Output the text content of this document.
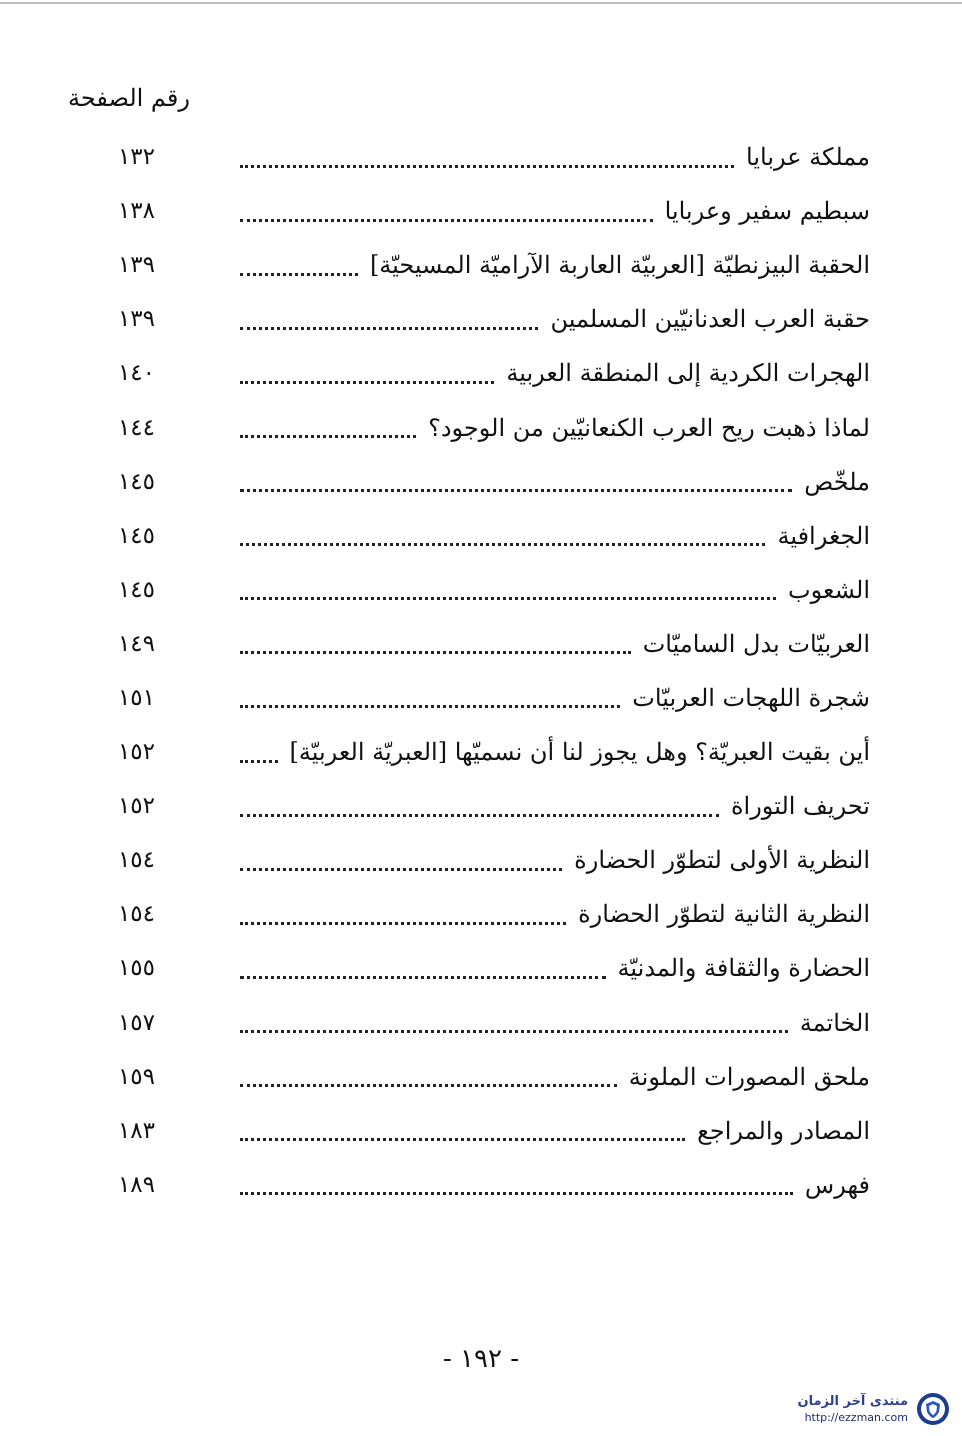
رقم الصفحة
١٣٢	مملكة عربايا
١٣٨	سبطيم سفير وعربايا
١٣٩	الحقبة البيزنطيّة [العربيّة العاربة الآراميّة المسيحيّة]
١٣٩	حقبة العرب العدنانيّين المسلمين
١٤٠	الهجرات الكردية إلى المنطقة العربية
١٤٤	لماذا ذهبت ريح العرب الكنعانيّين من الوجود؟
١٤٥	ملخّص
١٤٥	الجغرافية
١٤٥	الشعوب
١٤٩	العربيّات بدل الساميّات
١٥١	شجرة اللهجات العربيّات
١٥٢	أين بقيت العبريّة؟ وهل يجوز لنا أن نسميّها [العبريّة العربيّة]
١٥٢	تحريف التوراة
١٥٤	النظرية الأولى لتطوّر الحضارة
١٥٤	النظرية الثانية لتطوّر الحضارة
١٥٥	الحضارة والثقافة والمدنيّة
١٥٧	الخاتمة
١٥٩	ملحق المصورات الملونة
١٨٣	المصادر والمراجع
١٨٩	فهرس
- ١٩٢ -
منتدى آخر الزمان
http://ezzman.com
